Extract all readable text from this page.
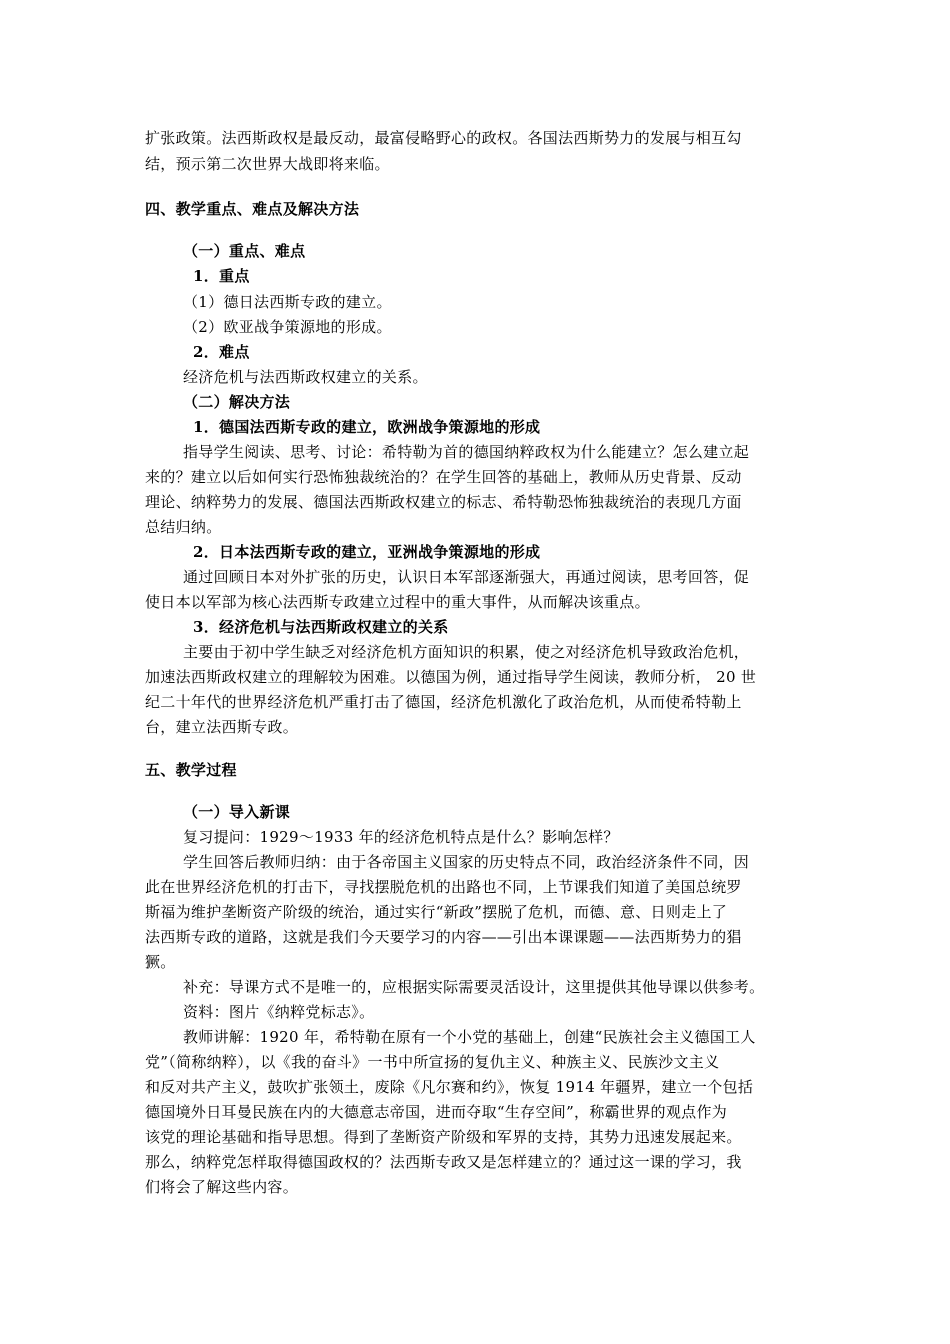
扩张政策。法西斯政权是最反动，最富侵略野心的政权。各国法西斯势力的发展与相互勾
结，预示第二次世界大战即将来临。
四、教学重点、难点及解决方法
（一）重点、难点
1．重点
（1）德日法西斯专政的建立。
（2）欧亚战争策源地的形成。
2．难点
经济危机与法西斯政权建立的关系。
（二）解决方法
1．德国法西斯专政的建立，欧洲战争策源地的形成
指导学生阅读、思考、讨论：希特勒为首的德国纳粹政权为什么能建立？怎么建立起
来的？建立以后如何实行恐怖独裁统治的？在学生回答的基础上，教师从历史背景、反动
理论、纳粹势力的发展、德国法西斯政权建立的标志、希特勒恐怖独裁统治的表现几方面
总结归纳。
2．日本法西斯专政的建立，亚洲战争策源地的形成
通过回顾日本对外扩张的历史，认识日本军部逐渐强大，再通过阅读，思考回答，促
使日本以军部为核心法西斯专政建立过程中的重大事件，从而解决该重点。
3．经济危机与法西斯政权建立的关系
主要由于初中学生缺乏对经济危机方面知识的积累，使之对经济危机导致政治危机，
加速法西斯政权建立的理解较为困难。以德国为例，通过指导学生阅读，教师分析， 20 世
纪二十年代的世界经济危机严重打击了德国，经济危机激化了政治危机，从而使希特勒上
台，建立法西斯专政。
五、教学过程
（一）导入新课
复习提问：1929～1933 年的经济危机特点是什么？影响怎样？
学生回答后教师归纳：由于各帝国主义国家的历史特点不同，政治经济条件不同，因
此在世界经济危机的打击下，寻找摆脱危机的出路也不同，上节课我们知道了美国总统罗
斯福为维护垄断资产阶级的统治，通过实行“新政”摆脱了危机，而德、意、日则走上了
法西斯专政的道路，这就是我们今天要学习的内容——引出本课课题——法西斯势力的猖
獗。
补充：导课方式不是唯一的，应根据实际需要灵活设计，这里提供其他导课以供参考。
资料：图片《纳粹党标志》。
教师讲解：1920 年，希特勒在原有一个小党的基础上，创建“民族社会主义德国工人
党”（简称纳粹），以《我的奋斗》一书中所宣扬的复仇主义、种族主义、民族沙文主义
和反对共产主义，鼓吹扩张领土，废除《凡尔赛和约》，恢复 1914 年疆界，建立一个包括
德国境外日耳曼民族在内的大德意志帝国，进而夺取“生存空间”，称霸世界的观点作为
该党的理论基础和指导思想。得到了垄断资产阶级和军界的支持，其势力迅速发展起来。
那么，纳粹党怎样取得德国政权的？法西斯专政又是怎样建立的？通过这一课的学习，我
们将会了解这些内容。
